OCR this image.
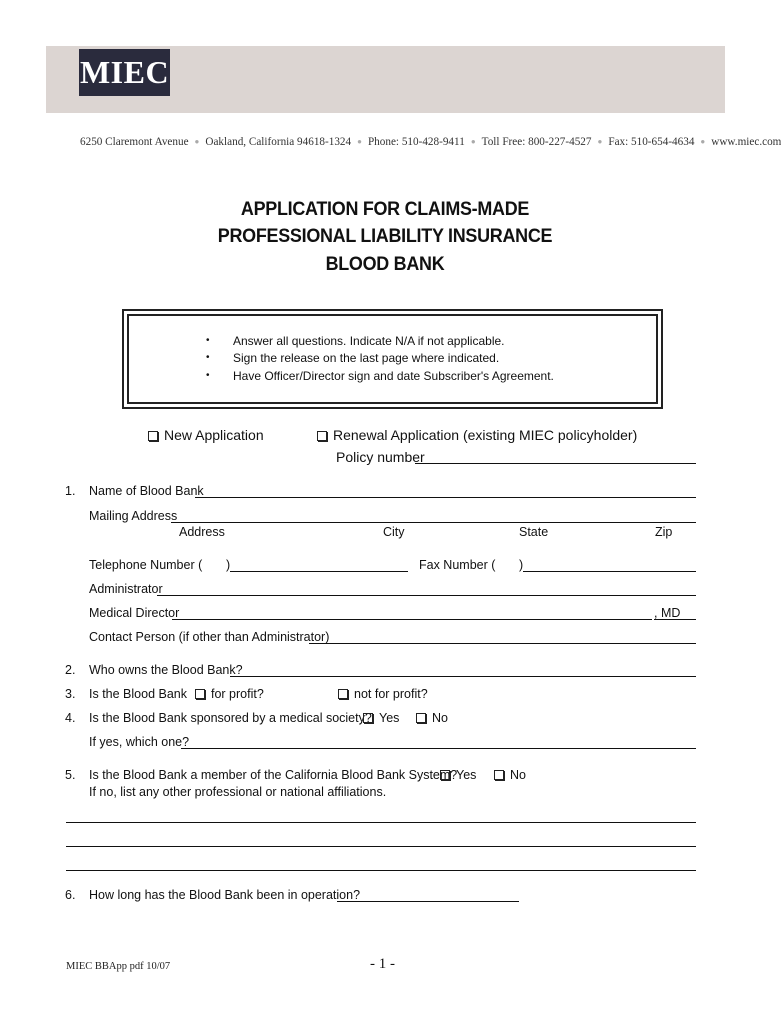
MIEC
6250 Claremont Avenue ● Oakland, California 94618-1324 ● Phone: 510-428-9411 ● Toll Free: 800-227-4527 ● Fax: 510-654-4634 ● www.miec.com
APPLICATION FOR CLAIMS-MADE
PROFESSIONAL LIABILITY INSURANCE
BLOOD BANK
• Answer all questions. Indicate N/A if not applicable.
• Sign the release on the last page where indicated.
• Have Officer/Director sign and date Subscriber's Agreement.
New Application	Renewal Application (existing MIEC policyholder)
Policy number
1. Name of Blood Bank
Mailing Address
Address	City	State	Zip
Telephone Number ( )	Fax Number ( )
Administrator
Medical Director	, MD
Contact Person (if other than Administrator)
2. Who owns the Blood Bank?
3. Is the Blood Bank	for profit?	not for profit?
4. Is the Blood Bank sponsored by a medical society? Yes	No
If yes, which one?
5. Is the Blood Bank a member of the California Blood Bank System?
Yes	No
If no, list any other professional or national affiliations.
6. How long has the Blood Bank been in operation?
MIEC BBApp pdf 10/07	- 1 -
